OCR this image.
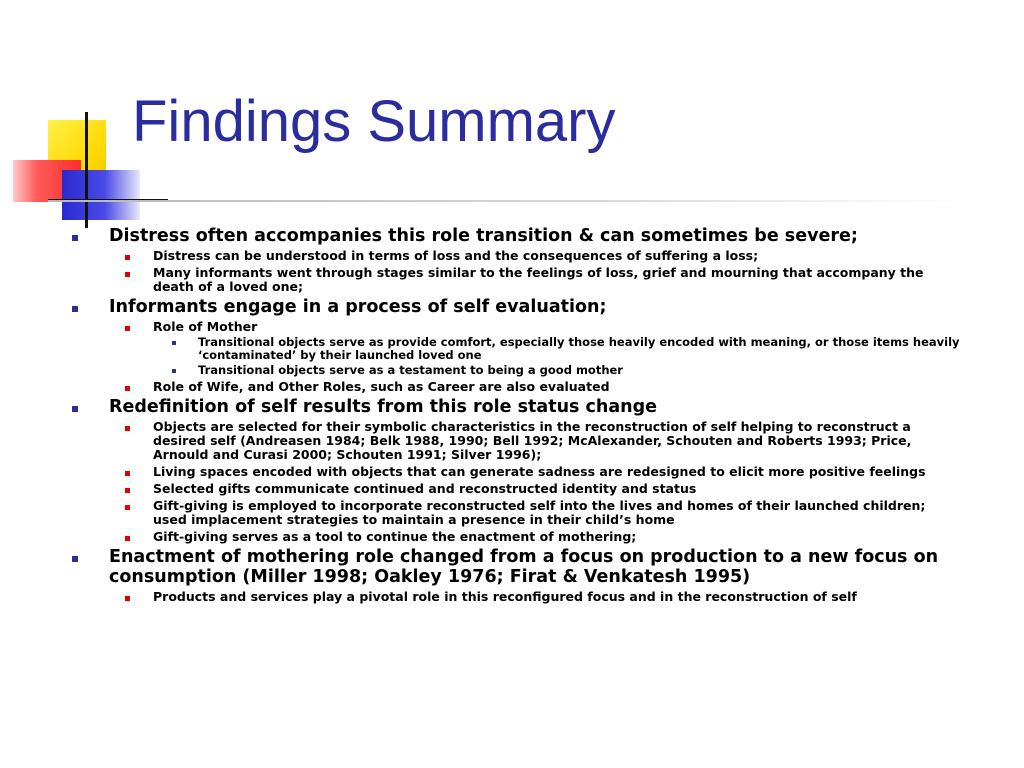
Findings Summary
Distress often accompanies this role transition & can sometimes be severe;
Distress can be understood in terms of loss and the consequences of suffering a loss;
Many informants went through stages similar to the feelings of loss, grief and mourning that accompany the death of a loved one;
Informants engage in a process of self evaluation;
Role of Mother
Transitional objects serve as provide comfort, especially those heavily encoded with meaning, or those items heavily ‘contaminated’ by their launched loved one
Transitional objects serve as a testament to being a good mother
Role of Wife, and Other Roles, such as Career are also evaluated
Redefinition of self results from this role status change
Objects are selected for their symbolic characteristics in the reconstruction of self helping to reconstruct a desired self (Andreasen 1984; Belk 1988, 1990; Bell 1992; McAlexander, Schouten and Roberts 1993; Price, Arnould and Curasi 2000; Schouten 1991; Silver 1996);
Living spaces encoded with objects that can generate sadness are redesigned to elicit more positive feelings
Selected gifts communicate continued and reconstructed identity and status
Gift-giving is employed to incorporate reconstructed self into the lives and homes of their launched children; used implacement strategies to maintain a presence in their child’s home
Gift-giving serves as a tool to continue the enactment of mothering;
Enactment of mothering role changed from a focus on production to a new focus on consumption (Miller 1998; Oakley 1976; Firat & Venkatesh 1995)
Products and services play a pivotal role in this reconfigured focus and in the reconstruction of self
